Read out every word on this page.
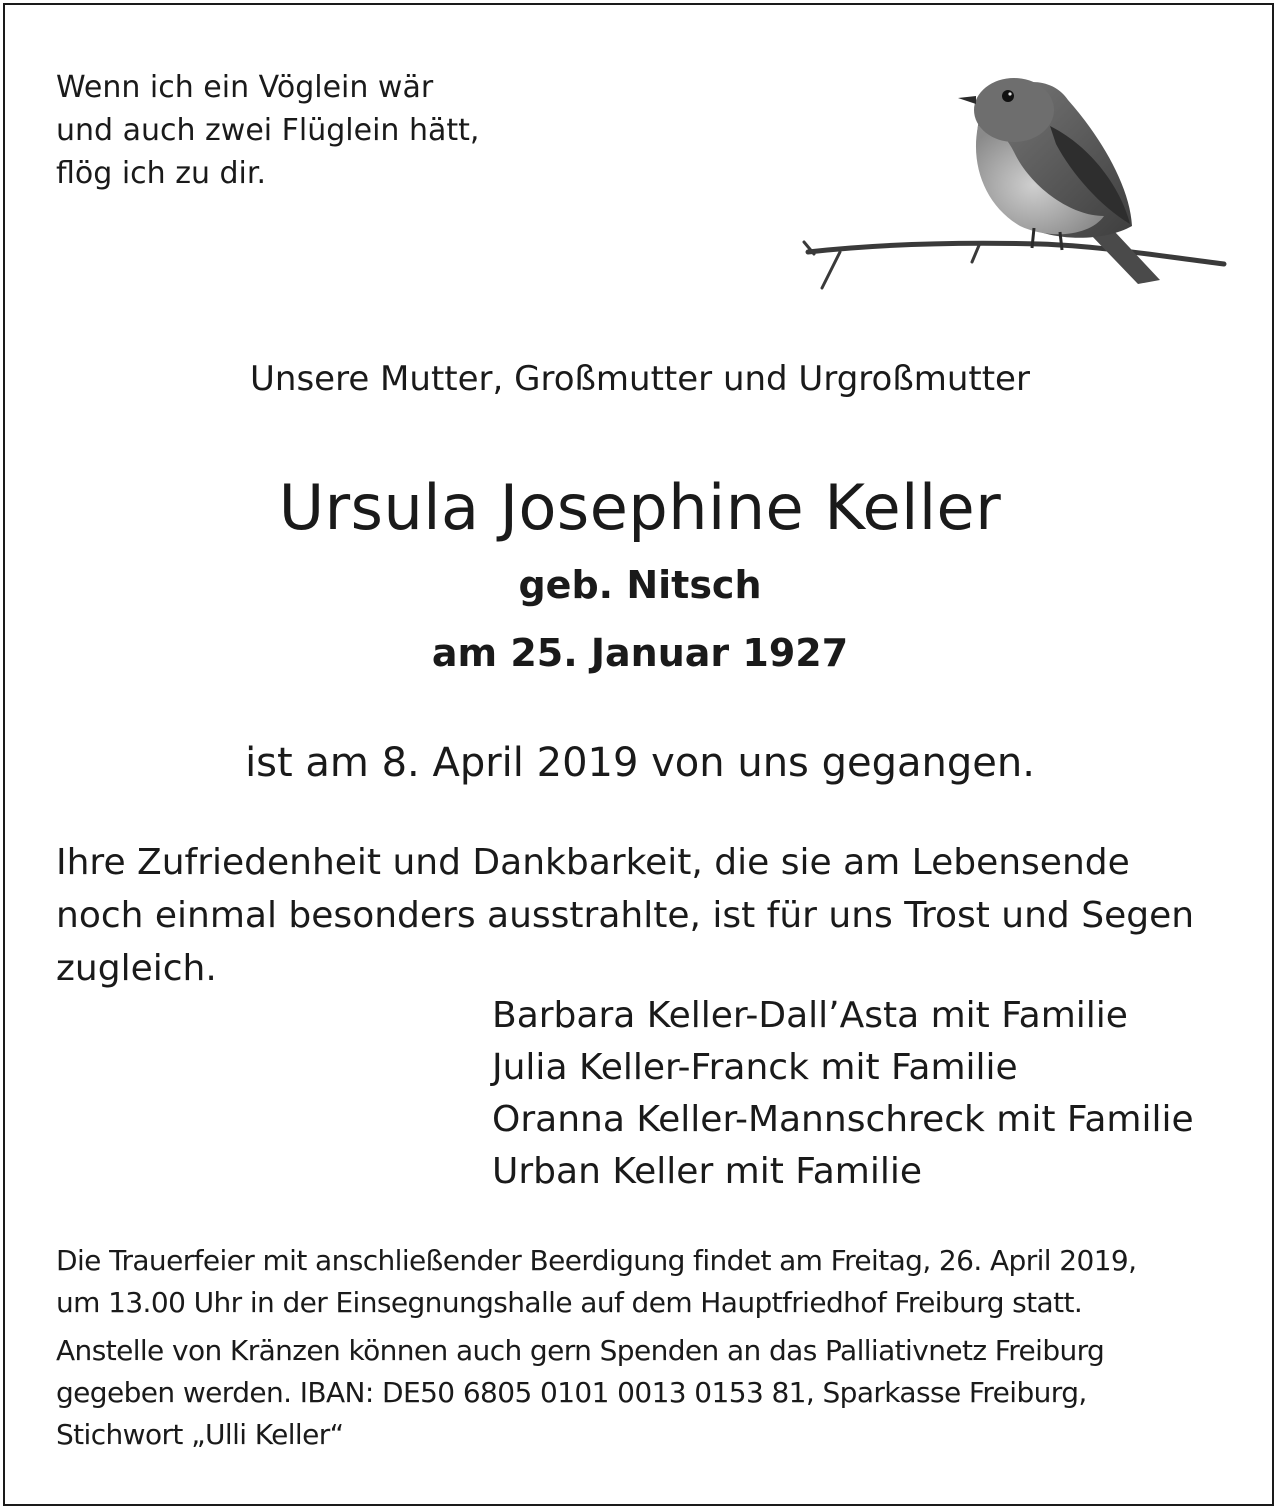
Wenn ich ein Vöglein wär
und auch zwei Flüglein hätt,
flög ich zu dir.
Unsere Mutter, Großmutter und Urgroßmutter
Ursula Josephine Keller
geb. Nitsch
am 25. Januar 1927
ist am 8. April 2019 von uns gegangen.
Ihre Zufriedenheit und Dankbarkeit, die sie am Lebensende
noch einmal besonders ausstrahlte, ist für uns Trost und Segen
zugleich.
Barbara Keller-Dall’Asta mit Familie
Julia Keller-Franck mit Familie
Oranna Keller-Mannschreck mit Familie
Urban Keller mit Familie
Die Trauerfeier mit anschließender Beerdigung findet am Freitag, 26. April 2019,
um 13.00 Uhr in der Einsegnungshalle auf dem Hauptfriedhof Freiburg statt.
Anstelle von Kränzen können auch gern Spenden an das Palliativnetz Freiburg
gegeben werden. IBAN: DE50 6805 0101 0013 0153 81, Sparkasse Freiburg,
Stichwort „Ulli Keller“
